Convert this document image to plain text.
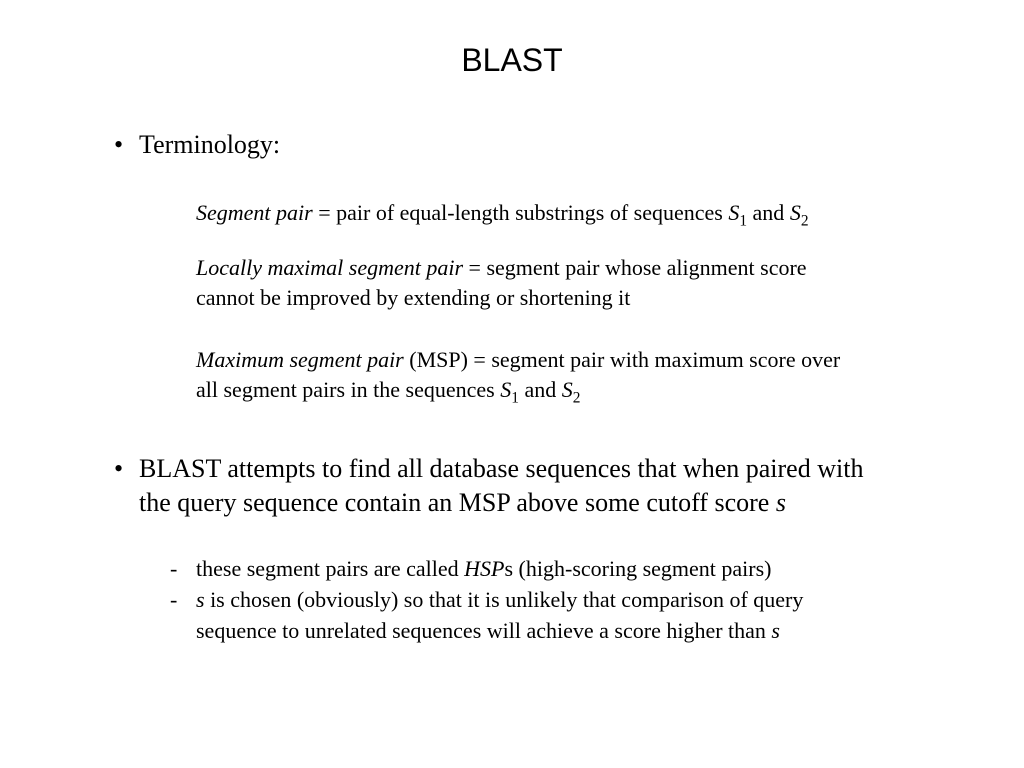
BLAST
• Terminology:
Segment pair = pair of equal-length substrings of sequences $S_1$ and $S_2$
Locally maximal segment pair = segment pair whose alignment score
cannot be improved by extending or shortening it
Maximum segment pair (MSP) = segment pair with maximum score over
all segment pairs in the sequences $S_1$ and $S_2$
• BLAST attempts to find all database sequences that when paired with
the query sequence contain an MSP above some cutoff score s
- these segment pairs are called HSPs (high-scoring segment pairs)
- s is chosen (obviously) so that it is unlikely that comparison of query
sequence to unrelated sequences will achieve a score higher than s
